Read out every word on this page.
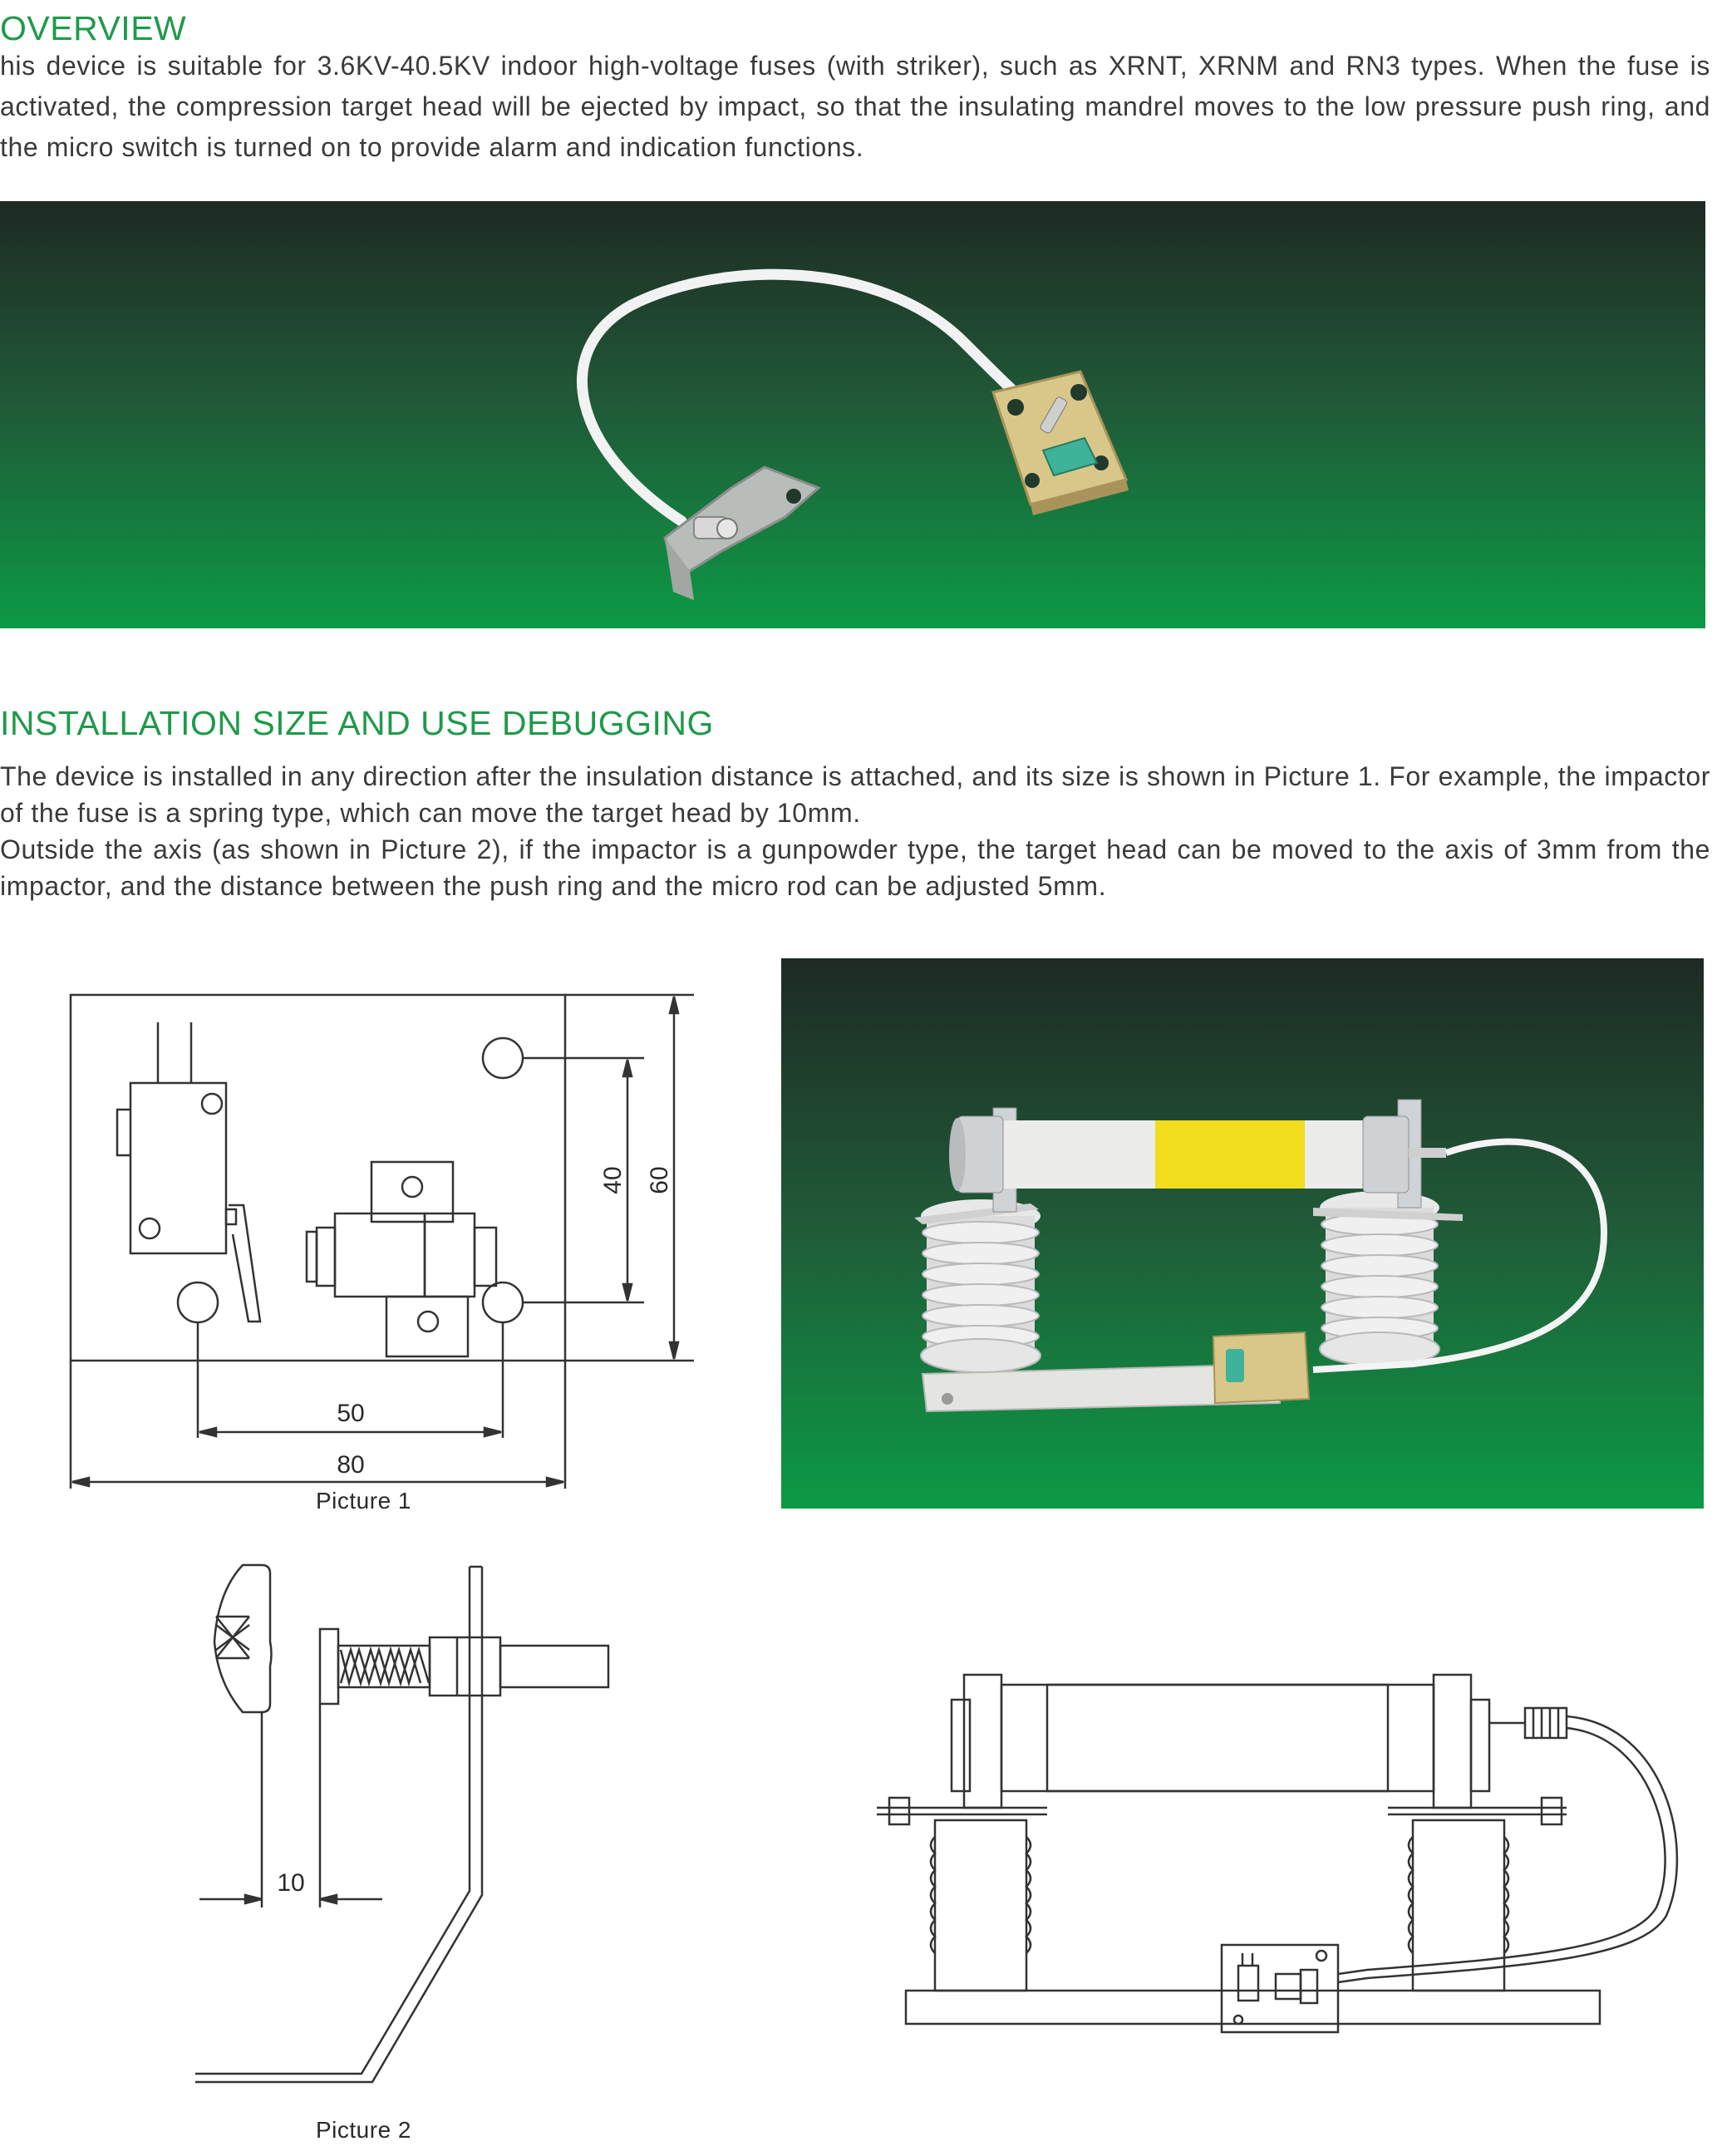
OVERVIEW

his device is suitable for 3.6KV-40.5KV indoor high-voltage fuses (with striker), such as XRNT, XRNM and RN3 types. When the fuse is activated, the compression target head will be ejected by impact, so that the insulating mandrel moves to the low pressure push ring, and the micro switch is turned on to provide alarm and indication functions.

INSTALLATION SIZE AND USE DEBUGGING

The device is installed in any direction after the insulation distance is attached, and its size is shown in Picture 1. For example, the impactor of the fuse is a spring type, which can move the target head by 10mm.

Outside the axis (as shown in Picture 2), if the impactor is a gunpowder type, the target head can be moved to the axis of 3mm from the impactor, and the distance between the push ring and the micro rod can be adjusted 5mm.

50
80
40 60
Picture 1
10
Picture 2
